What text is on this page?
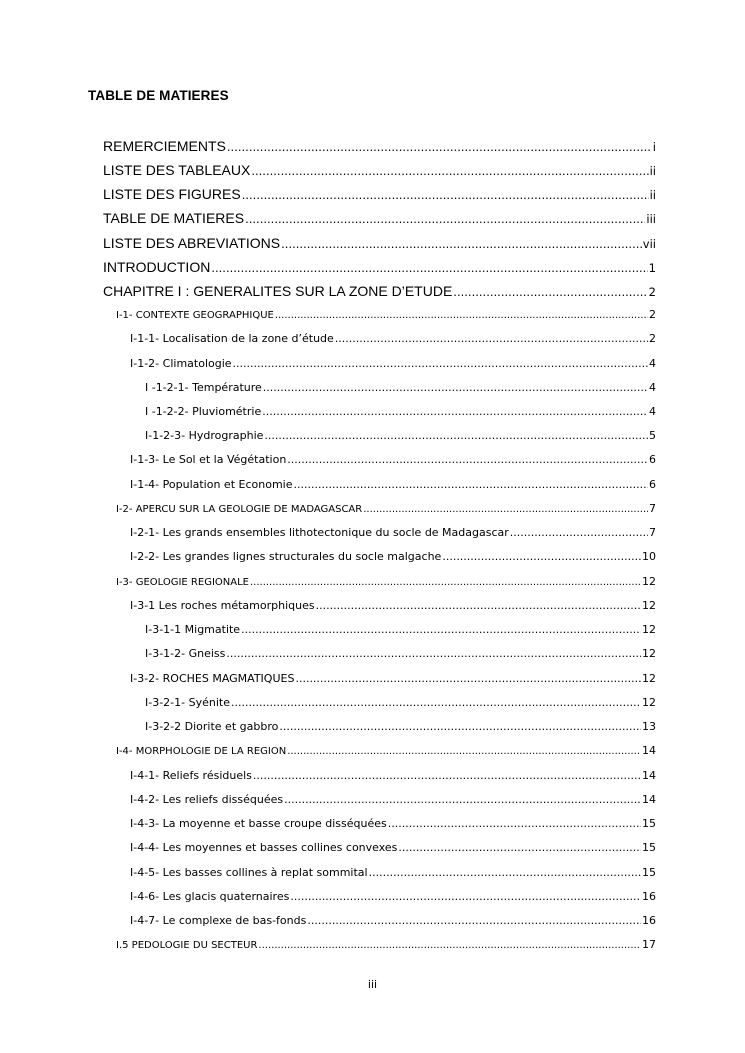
TABLE DE MATIERES
REMERCIEMENTS .....	i
LISTE DES TABLEAUX .....	ii
LISTE DES FIGURES .....	ii
TABLE DE MATIERES .....	iii
LISTE DES ABREVIATIONS .....	vii
INTRODUCTION .....	1
CHAPITRE I : GENERALITES SUR LA ZONE D’ETUDE .....	2
I-1- CONTEXTE GEOGRAPHIQUE .....	2
I-1-1- Localisation de la zone d’étude .....	2
I-1-2- Climatologie .....	4
I -1-2-1- Température .....	4
I -1-2-2- Pluviométrie .....	4
I-1-2-3- Hydrographie .....	5
I-1-3- Le Sol et la Végétation .....	6
I-1-4- Population et Economie .....	6
I-2- APERCU SUR LA GEOLOGIE DE MADAGASCAR .....	7
I-2-1- Les grands ensembles lithotectonique du socle de Madagascar .....	7
I-2-2- Les grandes lignes structurales du socle malgache .....	10
I-3- GEOLOGIE REGIONALE .....	12
I-3-1 Les roches métamorphiques .....	12
I-3-1-1 Migmatite .....	12
I-3-1-2- Gneiss .....	12
I-3-2- ROCHES MAGMATIQUES .....	12
I-3-2-1- Syénite .....	12
I-3-2-2 Diorite et gabbro .....	13
I-4- MORPHOLOGIE DE LA REGION .....	14
I-4-1- Reliefs résiduels .....	14
I-4-2- Les reliefs disséquées .....	14
I-4-3- La moyenne et basse croupe disséquées .....	15
I-4-4- Les moyennes et basses collines convexes .....	15
I-4-5- Les basses collines à replat sommital .....	15
I-4-6- Les glacis quaternaires .....	16
I-4-7- Le complexe de bas-fonds .....	16
I.5 PEDOLOGIE DU SECTEUR .....	17
iii
